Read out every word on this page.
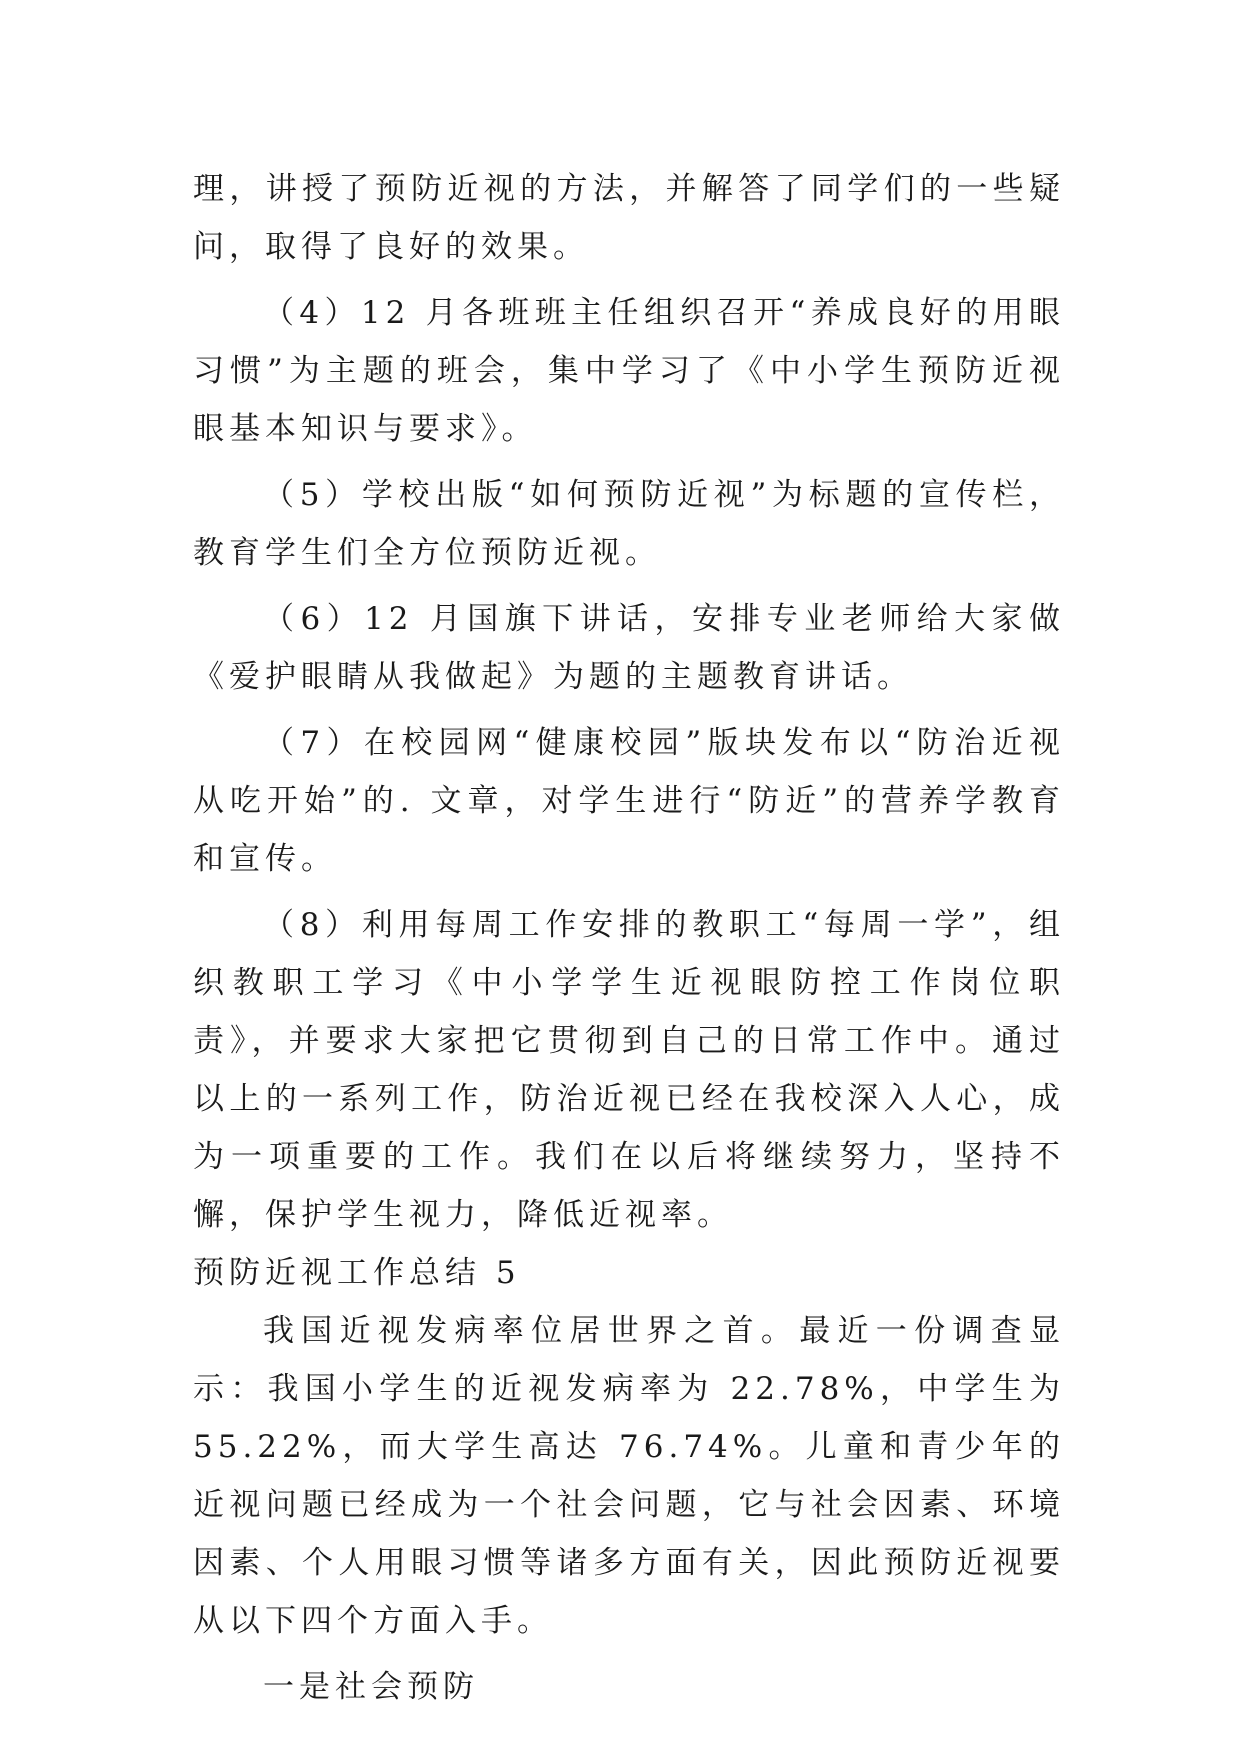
理，讲授了预防近视的方法，并解答了同学们的一些疑问，取得了良好的效果。

（4）12 月各班班主任组织召开“养成良好的用眼习惯”为主题的班会，集中学习了《中小学生预防近视眼基本知识与要求》。

（5）学校出版“如何预防近视”为标题的宣传栏，教育学生们全方位预防近视。

（6）12 月国旗下讲话，安排专业老师给大家做《爱护眼睛从我做起》为题的主题教育讲话。

（7）在校园网“健康校园”版块发布以“防治近视从吃开始”的. 文章，对学生进行“防近”的营养学教育和宣传。

（8）利用每周工作安排的教职工“每周一学”，组织教职工学习《中小学学生近视眼防控工作岗位职责》，并要求大家把它贯彻到自己的日常工作中。通过以上的一系列工作，防治近视已经在我校深入人心，成为一项重要的工作。我们在以后将继续努力，坚持不懈，保护学生视力，降低近视率。

预防近视工作总结 5

我国近视发病率位居世界之首。最近一份调查显示：我国小学生的近视发病率为 22.78%，中学生为 55.22%，而大学生高达 76.74%。儿童和青少年的近视问题已经成为一个社会问题，它与社会因素、环境因素、个人用眼习惯等诸多方面有关，因此预防近视要从以下四个方面入手。

一是社会预防
